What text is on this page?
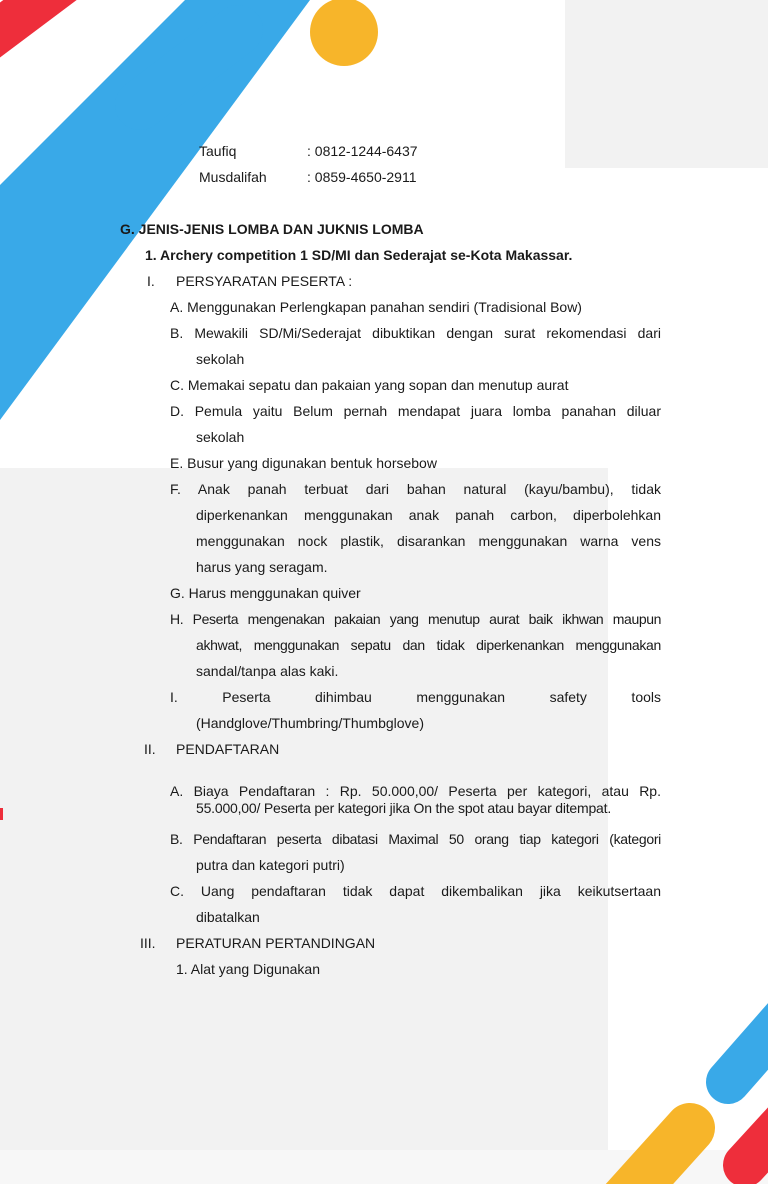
Taufiq	: 0812-1244-6437
Musdalifah	: 0859-4650-2911
G. JENIS-JENIS LOMBA DAN JUKNIS LOMBA
1. Archery competition 1 SD/MI dan Sederajat se-Kota Makassar.
I. PERSYARATAN PESERTA :
A. Menggunakan Perlengkapan panahan sendiri (Tradisional Bow)
B. Mewakili SD/Mi/Sederajat dibuktikan dengan surat rekomendasi dari
sekolah
C. Memakai sepatu dan pakaian yang sopan dan menutup aurat
D. Pemula yaitu Belum pernah mendapat juara lomba panahan diluar
sekolah
E. Busur yang digunakan bentuk horsebow
F. Anak panah terbuat dari bahan natural (kayu/bambu), tidak
diperkenankan menggunakan anak panah carbon, diperbolehkan
menggunakan nock plastik, disarankan menggunakan warna vens
harus yang seragam.
G. Harus menggunakan quiver
H. Peserta mengenakan pakaian yang menutup aurat baik ikhwan maupun
akhwat, menggunakan sepatu dan tidak diperkenankan menggunakan
sandal/tanpa alas kaki.
I. Peserta dihimbau menggunakan safety tools
(Handglove/Thumbring/Thumbglove)
II. PENDAFTARAN
A. Biaya Pendaftaran : Rp. 50.000,00/ Peserta per kategori, atau Rp.
55.000,00/ Peserta per kategori jika On the spot atau bayar ditempat.
B. Pendaftaran peserta dibatasi Maximal 50 orang tiap kategori (kategori
putra dan kategori putri)
C. Uang pendaftaran tidak dapat dikembalikan jika keikutsertaan
dibatalkan
III. PERATURAN PERTANDINGAN
1. Alat yang Digunakan
